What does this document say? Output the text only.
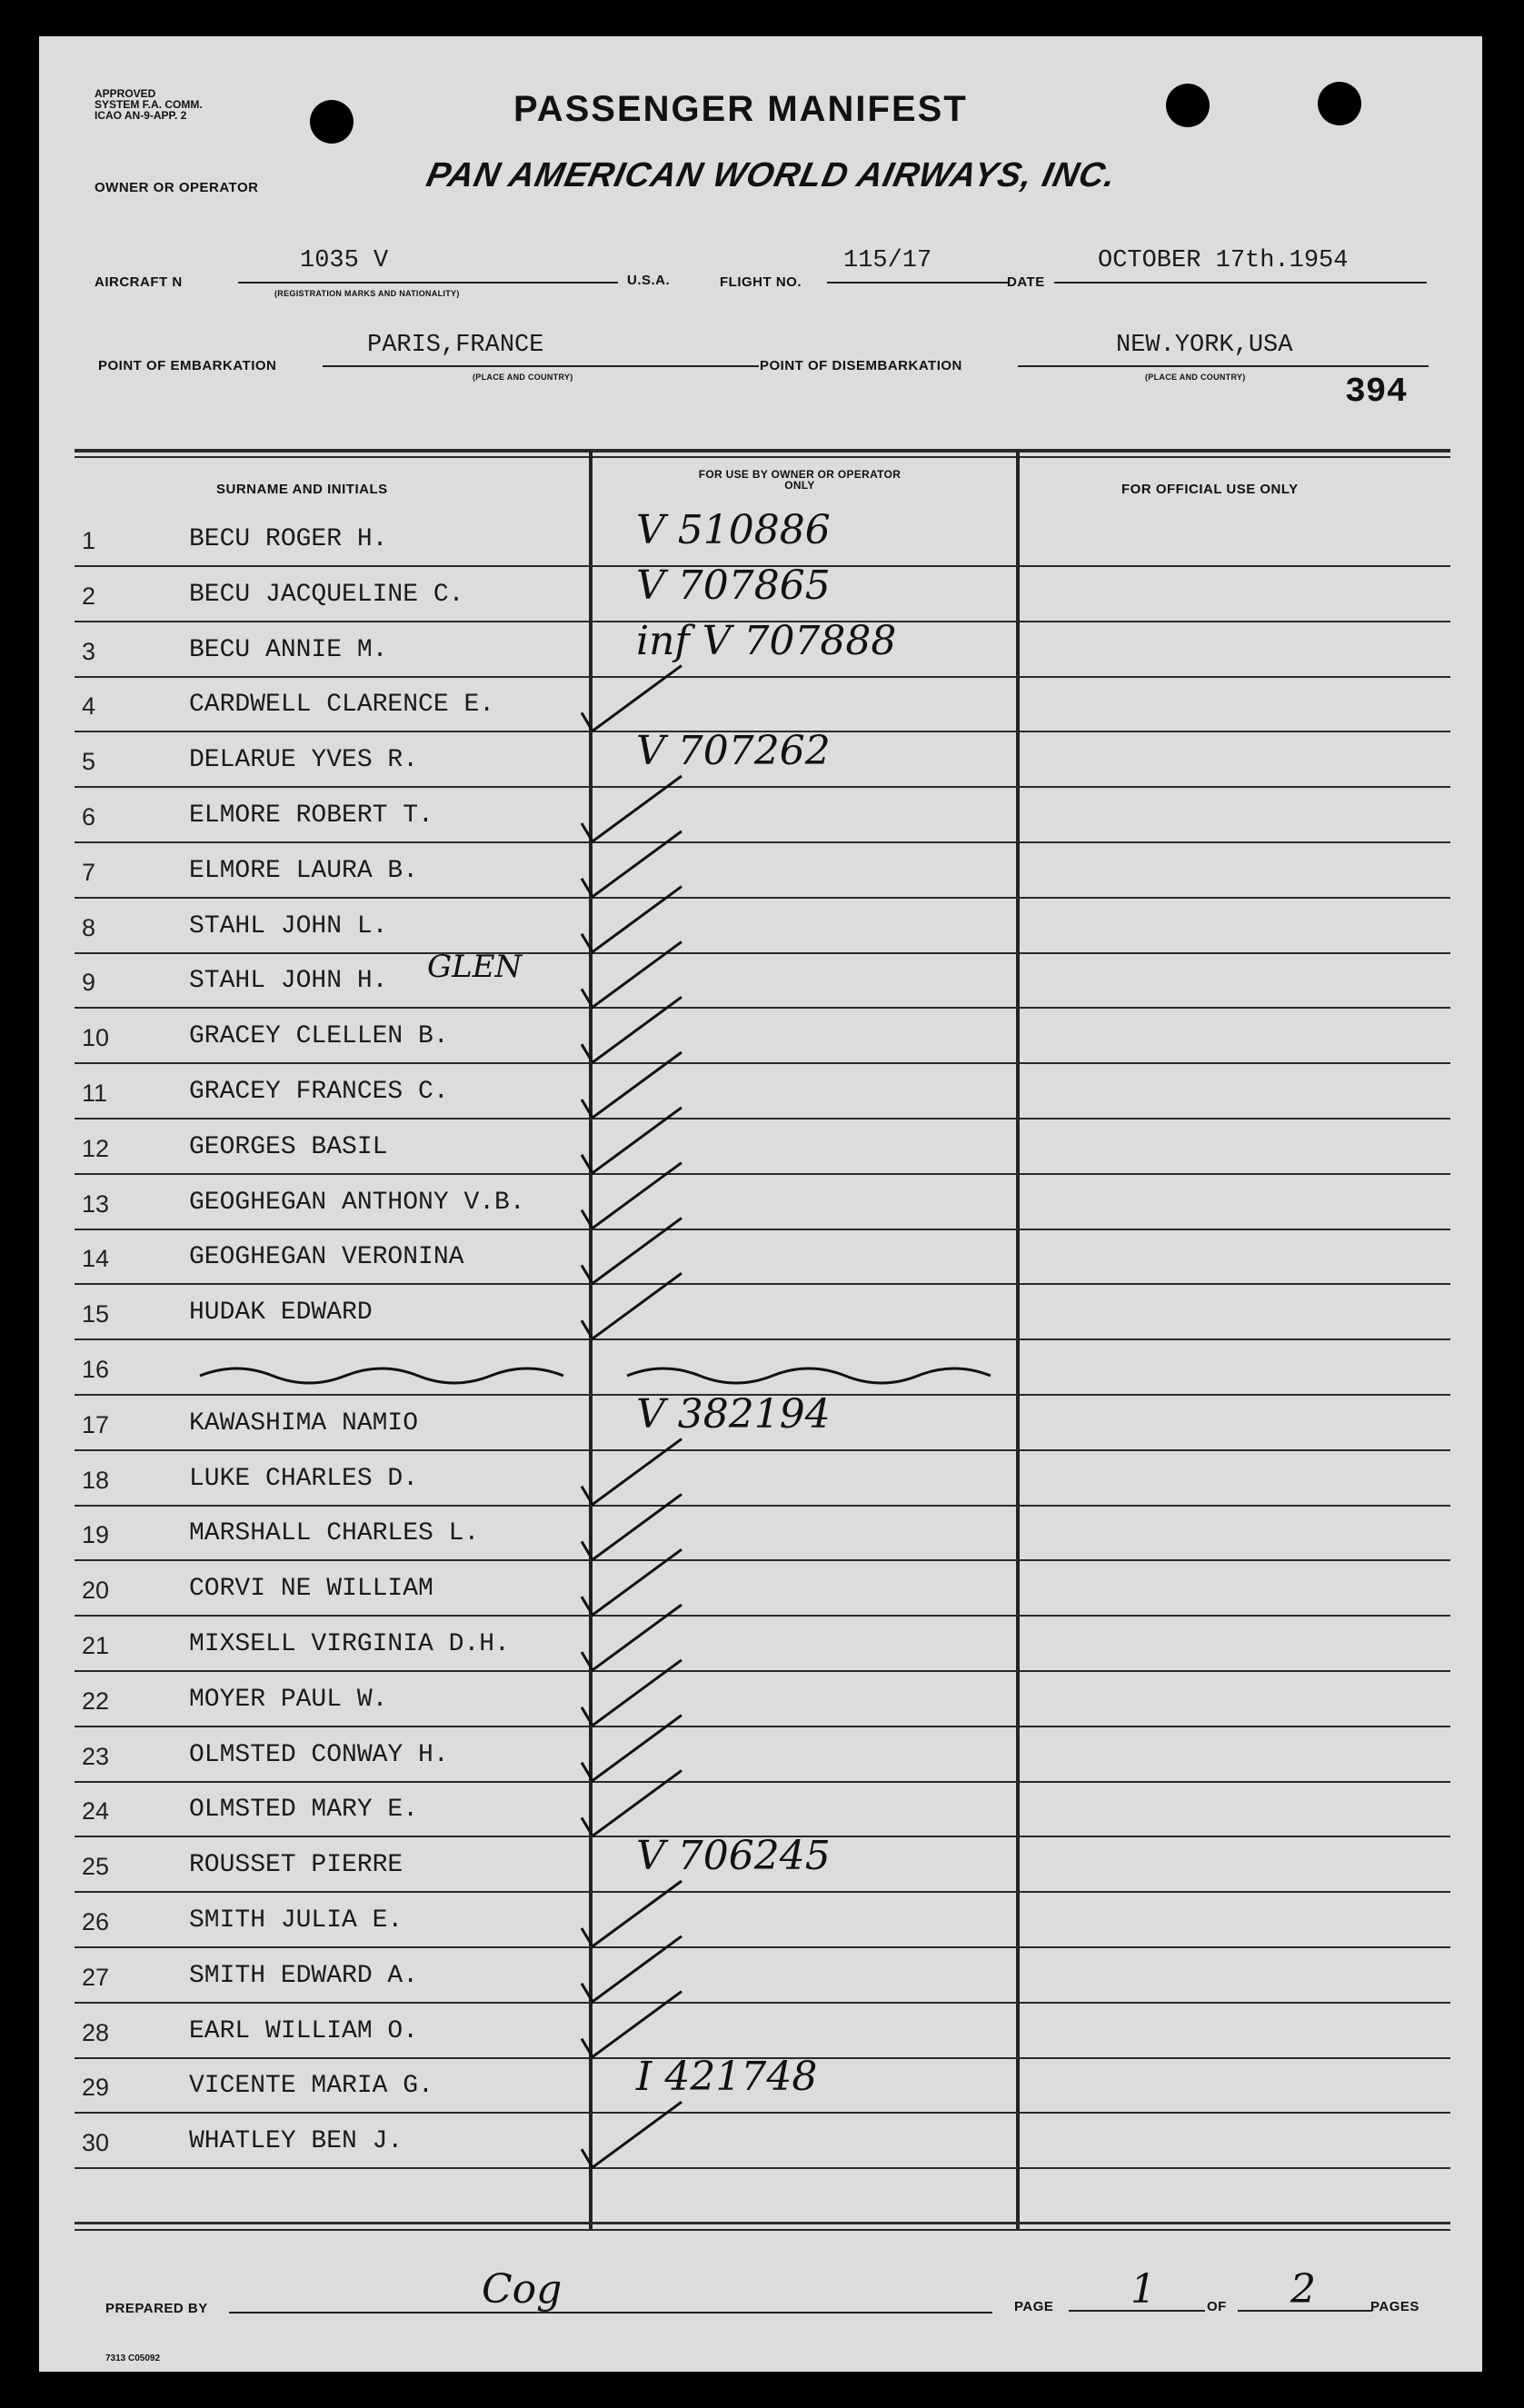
APPROVED
SYSTEM F.A. COMM.
ICAO AN-9-APP. 2	PASSENGER MANIFEST
OWNER OR OPERATOR	PAN AMERICAN WORLD AIRWAYS, INC.
AIRCRAFT N
1035 V
(REGISTRATION MARKS AND NATIONALITY)
U.S.A.	FLIGHT NO.
115/17
DATE
OCTOBER 17th.1954
POINT OF EMBARKATION
PARIS,FRANCE
(PLACE AND COUNTRY)
POINT OF DISEMBARKATION
NEW.YORK,USA
(PLACE AND COUNTRY)	394
SURNAME AND INITIALS
FOR USE BY OWNER OR OPERATOR ONLY	FOR OFFICIAL USE ONLY
1	BECU ROGER H.	V 510886
2	BECU JACQUELINE C.	V 707865
3	BECU ANNIE M.	inf V 707888
4	CARDWELL CLARENCE E.
5	DELARUE YVES R.	V 707262
6	ELMORE ROBERT T.
7	ELMORE LAURA B.
8	STAHL JOHN L.
9	STAHL JOHN H. GLEN
10	GRACEY CLELLEN B.
11	GRACEY FRANCES C.
12	GEORGES BASIL
13	GEOGHEGAN ANTHONY V.B.
14	GEOGHEGAN VERONINA
15	HUDAK EDWARD
16
17	KAWASHIMA NAMIO	V 382194
18	LUKE CHARLES D.
19	MARSHALL CHARLES L.
20	CORVI NE WILLIAM
21	MIXSELL VIRGINIA D.H.
22	MOYER PAUL W.
23	OLMSTED CONWAY H.
24	OLMSTED MARY E.
25	ROUSSET PIERRE	V 706245
26	SMITH JULIA E.
27	SMITH EDWARD A.
28	EARL WILLIAM O.
29	VICENTE MARIA G.	I 421748
30	WHATLEY BEN J.
PREPARED BY	Cog	PAGE 1	OF 2	PAGES
7313 C05092
